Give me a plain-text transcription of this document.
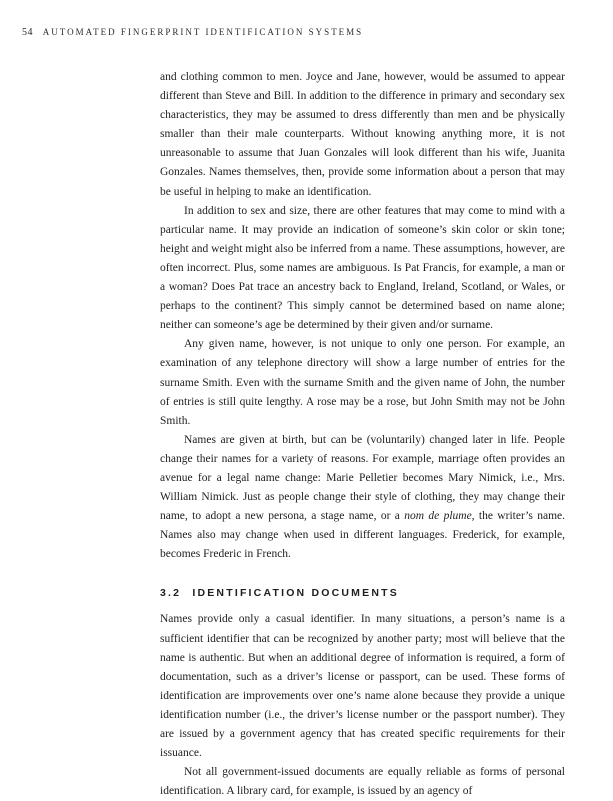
54 AUTOMATED FINGERPRINT IDENTIFICATION SYSTEMS

and clothing common to men. Joyce and Jane, however, would be assumed to appear different than Steve and Bill. In addition to the difference in primary and secondary sex characteristics, they may be assumed to dress differently than men and be physically smaller than their male counterparts. Without knowing anything more, it is not unreasonable to assume that Juan Gonzales will look different than his wife, Juanita Gonzales. Names themselves, then, provide some information about a person that may be useful in helping to make an identification.

In addition to sex and size, there are other features that may come to mind with a particular name. It may provide an indication of someone’s skin color or skin tone; height and weight might also be inferred from a name. These assumptions, however, are often incorrect. Plus, some names are ambiguous. Is Pat Francis, for example, a man or a woman? Does Pat trace an ancestry back to England, Ireland, Scotland, or Wales, or perhaps to the continent? This simply cannot be determined based on name alone; neither can someone’s age be determined by their given and/or surname.

Any given name, however, is not unique to only one person. For example, an examination of any telephone directory will show a large number of entries for the surname Smith. Even with the surname Smith and the given name of John, the number of entries is still quite lengthy. A rose may be a rose, but John Smith may not be John Smith.

Names are given at birth, but can be (voluntarily) changed later in life. People change their names for a variety of reasons. For example, marriage often provides an avenue for a legal name change: Marie Pelletier becomes Mary Nimick, i.e., Mrs. William Nimick. Just as people change their style of clothing, they may change their name, to adopt a new persona, a stage name, or a nom de plume, the writer’s name. Names also may change when used in different languages. Frederick, for example, becomes Frederic in French.

3.2 IDENTIFICATION DOCUMENTS

Names provide only a casual identifier. In many situations, a person’s name is a sufficient identifier that can be recognized by another party; most will believe that the name is authentic. But when an additional degree of information is required, a form of documentation, such as a driver’s license or passport, can be used. These forms of identification are improvements over one’s name alone because they provide a unique identification number (i.e., the driver’s license number or the passport number). They are issued by a government agency that has created specific requirements for their issuance.

Not all government-issued documents are equally reliable as forms of personal identification. A library card, for example, is issued by an agency of
